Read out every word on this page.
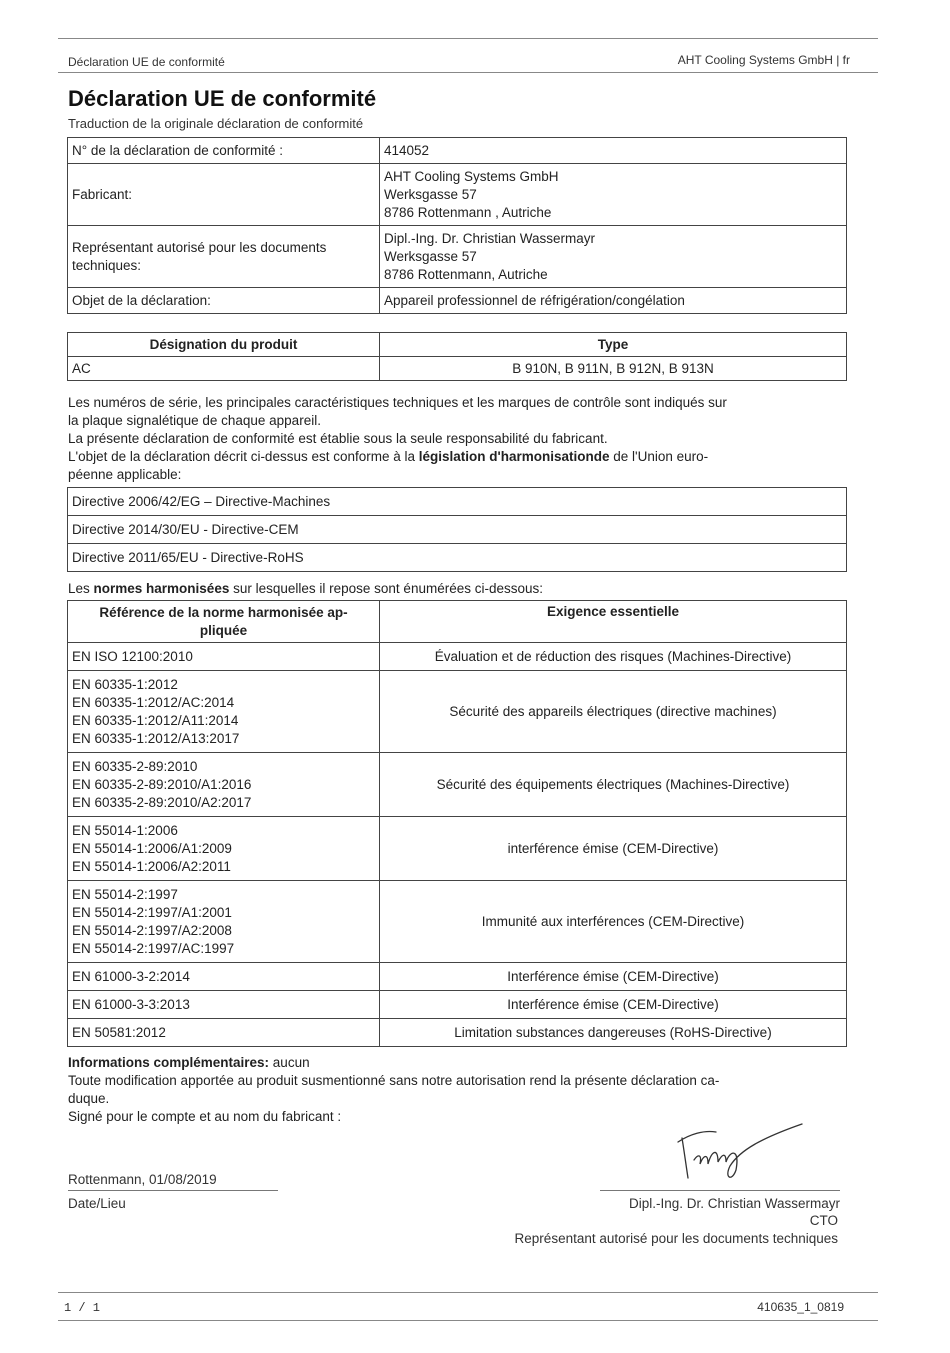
Déclaration UE de conformité	AHT Cooling Systems GmbH | fr
Déclaration UE de conformité
Traduction de la originale déclaration de conformité
N° de la déclaration de conformité :	414052

Fabricant:	AHT Cooling Systems GmbH
Werksgasse 57
8786 Rottenmann , Autriche

Représentant autorisé pour les documents techniques:	Dipl.-Ing. Dr. Christian Wassermayr
Werksgasse 57
8786 Rottenmann, Autriche

Objet de la déclaration:	Appareil professionnel de réfrigération/congélation
Désignation du produit	Type
AC	B 910N, B 911N, B 912N, B 913N
Les numéros de série, les principales caractéristiques techniques et les marques de contrôle sont indiqués sur
la plaque signalétique de chaque appareil.
La présente déclaration de conformité est établie sous la seule responsabilité du fabricant.
L'objet de la déclaration décrit ci-dessus est conforme à la législation d'harmonisationde de l'Union euro-
péenne applicable:
Directive 2006/42/EG – Directive-Machines
Directive 2014/30/EU - Directive-CEM
Directive 2011/65/EU - Directive-RoHS
Les normes harmonisées sur lesquelles il repose sont énumérées ci-dessous:
Référence de la norme harmonisée ap-pliquée	Exigence essentielle

EN ISO 12100:2010	Évaluation et de réduction des risques (Machines-Directive)

EN 60335-1:2012
EN 60335-1:2012/AC:2014
EN 60335-1:2012/A11:2014
EN 60335-1:2012/A13:2017	Sécurité des appareils électriques (directive machines)

EN 60335-2-89:2010
EN 60335-2-89:2010/A1:2016
EN 60335-2-89:2010/A2:2017	Sécurité des équipements électriques (Machines-Directive)

EN 55014-1:2006
EN 55014-1:2006/A1:2009
EN 55014-1:2006/A2:2011	interférence émise (CEM-Directive)

EN 55014-2:1997
EN 55014-2:1997/A1:2001
EN 55014-2:1997/A2:2008
EN 55014-2:1997/AC:1997	Immunité aux interférences (CEM-Directive)

EN 61000-3-2:2014	Interférence émise (CEM-Directive)

EN 61000-3-3:2013	Interférence émise (CEM-Directive)

EN 50581:2012	Limitation substances dangereuses (RoHS-Directive)
Informations complémentaires: aucun
Toute modification apportée au produit susmentionné sans notre autorisation rend la présente déclaration ca-
duque.
Signé pour le compte et au nom du fabricant :
Rottenmann, 01/08/2019
Date/Lieu	Dipl.-Ing. Dr. Christian Wassermayr
CTO
Représentant autorisé pour les documents techniques
1 / 1	410635_1_0819
